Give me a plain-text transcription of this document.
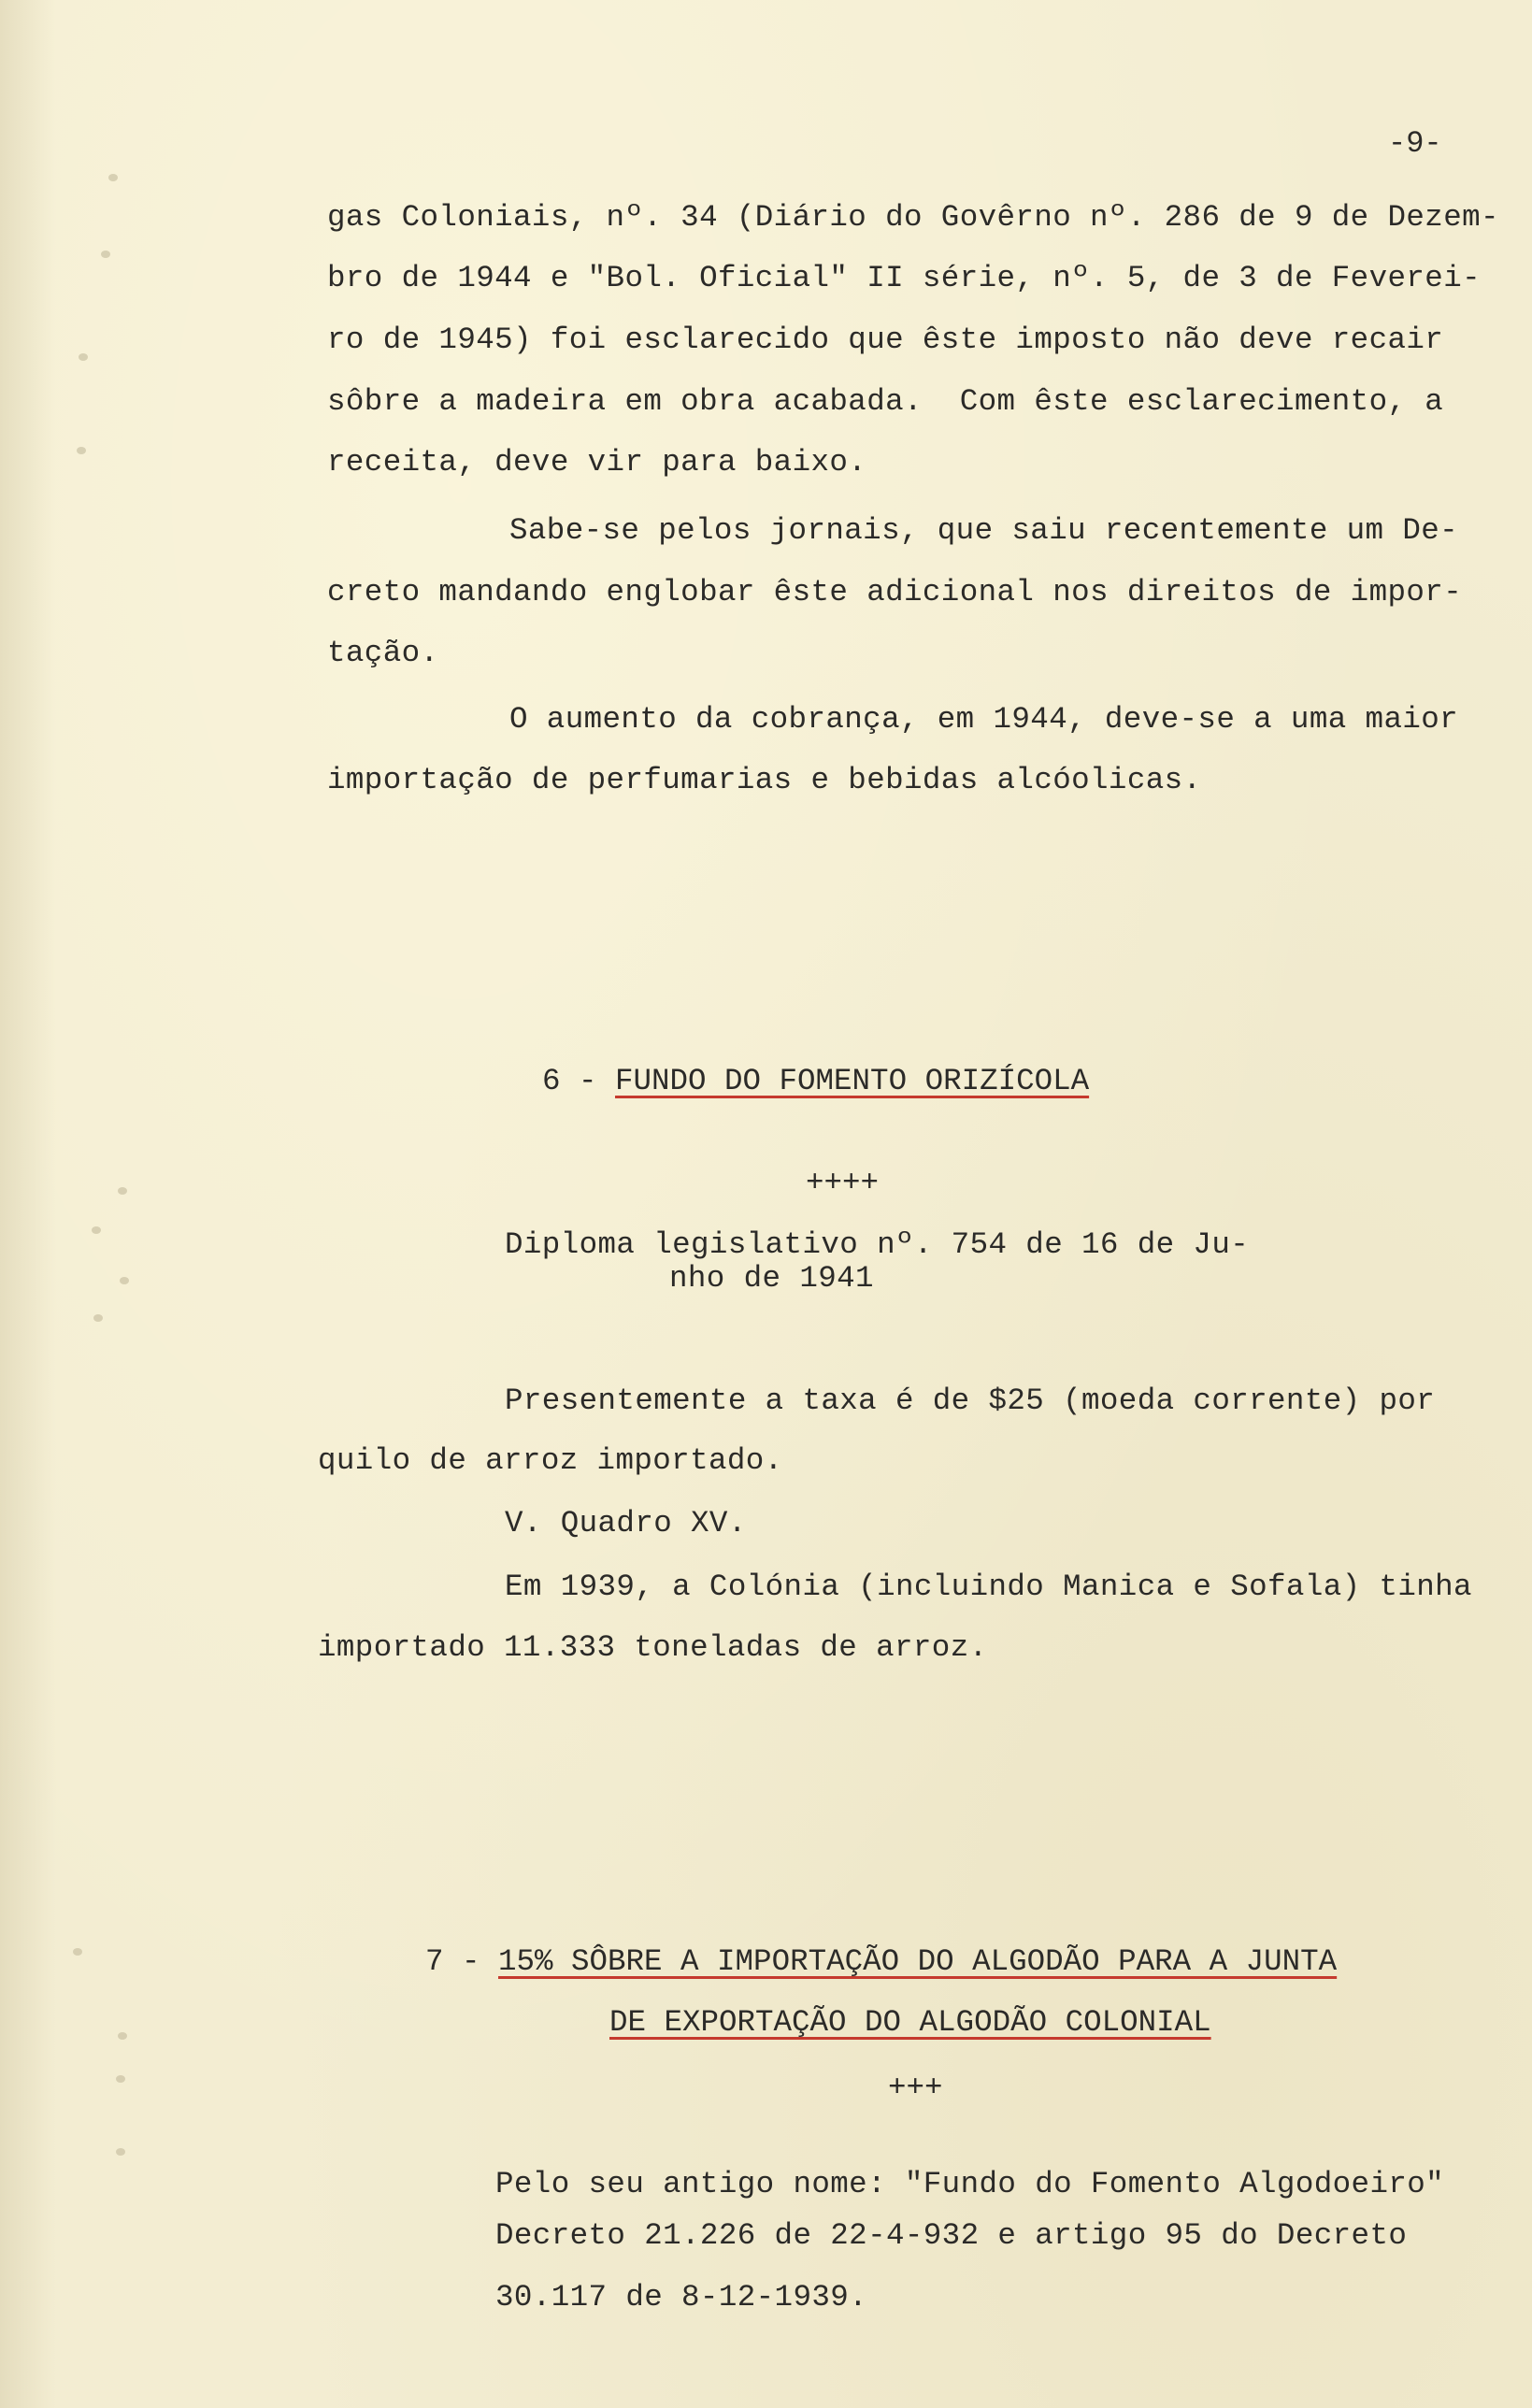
-9-
gas Coloniais, nº. 34 (Diário do Govêrno nº. 286 de 9 de Dezem-
bro de 1944 e "Bol. Oficial" II série, nº. 5, de 3 de Feverei-
ro de 1945) foi esclarecido que êste imposto não deve recair
sôbre a madeira em obra acabada.  Com êste esclarecimento, a
receita, deve vir para baixo.
Sabe-se pelos jornais, que saiu recentemente um De-
creto mandando englobar êste adicional nos direitos de impor-
tação.
O aumento da cobrança, em 1944, deve-se a uma maior
importação de perfumarias e bebidas alcóolicas.
6 - FUNDO DO FOMENTO ORIZÍCOLA
++++
Diploma legislativo nº. 754 de 16 de Ju-
nho de 1941
Presentemente a taxa é de $25 (moeda corrente) por
quilo de arroz importado.
V. Quadro XV.
Em 1939, a Colónia (incluindo Manica e Sofala) tinha
importado 11.333 toneladas de arroz.
7 - 15% SÔBRE A IMPORTAÇÃO DO ALGODÃO PARA A JUNTA
DE EXPORTAÇÃO DO ALGODÃO COLONIAL
+++
Pelo seu antigo nome: "Fundo do Fomento Algodoeiro"
Decreto 21.226 de 22-4-932 e artigo 95 do Decreto
30.117 de 8-12-1939.
